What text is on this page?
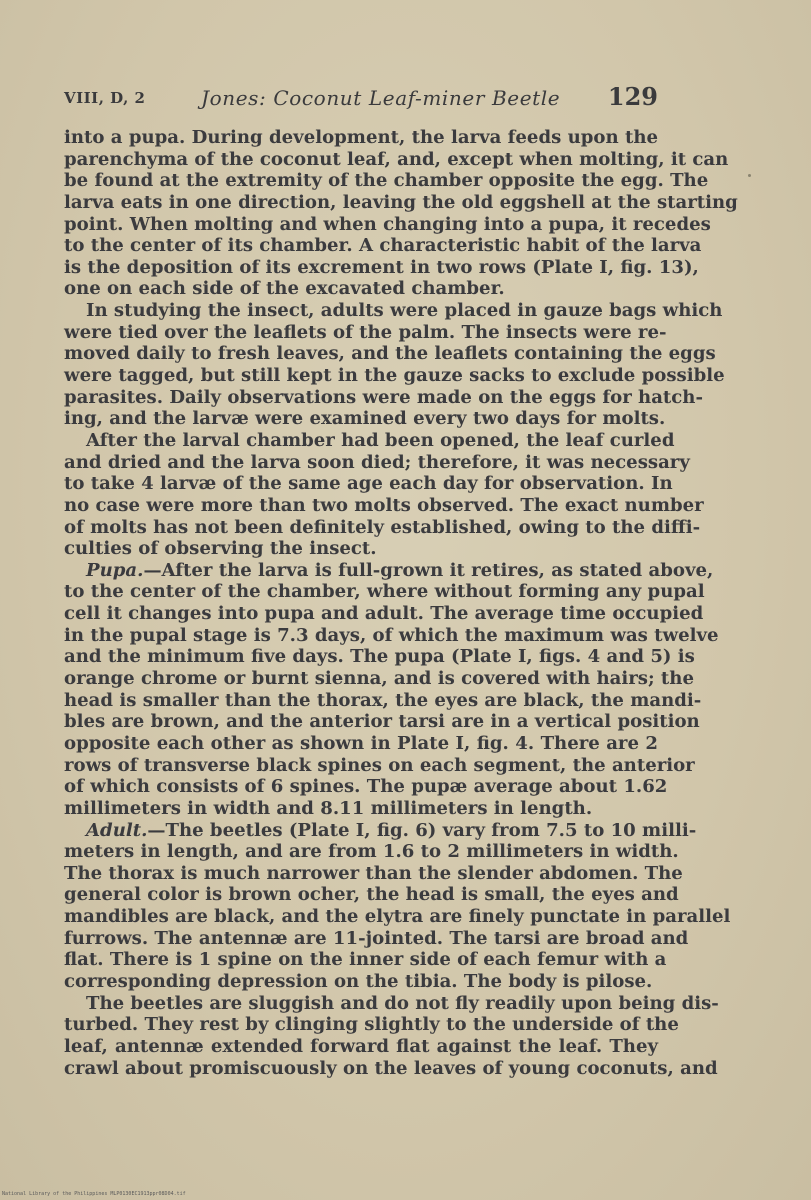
VIII, D, 2	Jones: Coconut Leaf-miner Beetle 129
into a pupa. During development, the larva feeds upon the
parenchyma of the coconut leaf, and, except when molting, it can
be found at the extremity of the chamber opposite the egg. The
larva eats in one direction, leaving the old eggshell at the starting
point. When molting and when changing into a pupa, it recedes
to the center of its chamber. A characteristic habit of the larva
is the deposition of its excrement in two rows (Plate I, fig. 13),
one on each side of the excavated chamber.
In studying the insect, adults were placed in gauze bags which
were tied over the leaflets of the palm. The insects were re-
moved daily to fresh leaves, and the leaflets containing the eggs
were tagged, but still kept in the gauze sacks to exclude possible
parasites. Daily observations were made on the eggs for hatch-
ing, and the larvæ were examined every two days for molts.
After the larval chamber had been opened, the leaf curled
and dried and the larva soon died; therefore, it was necessary
to take 4 larvæ of the same age each day for observation. In
no case were more than two molts observed. The exact number
of molts has not been definitely established, owing to the diffi-
culties of observing the insect.
Pupa.—After the larva is full-grown it retires, as stated above,
to the center of the chamber, where without forming any pupal
cell it changes into pupa and adult. The average time occupied
in the pupal stage is 7.3 days, of which the maximum was twelve
and the minimum five days. The pupa (Plate I, figs. 4 and 5) is
orange chrome or burnt sienna, and is covered with hairs; the
head is smaller than the thorax, the eyes are black, the mandi-
bles are brown, and the anterior tarsi are in a vertical position
opposite each other as shown in Plate I, fig. 4. There are 2
rows of transverse black spines on each segment, the anterior
of which consists of 6 spines. The pupæ average about 1.62
millimeters in width and 8.11 millimeters in length.
Adult.—The beetles (Plate I, fig. 6) vary from 7.5 to 10 milli-
meters in length, and are from 1.6 to 2 millimeters in width.
The thorax is much narrower than the slender abdomen. The
general color is brown ocher, the head is small, the eyes and
mandibles are black, and the elytra are finely punctate in parallel
furrows. The antennæ are 11-jointed. The tarsi are broad and
flat. There is 1 spine on the inner side of each femur with a
corresponding depression on the tibia. The body is pilose.
The beetles are sluggish and do not fly readily upon being dis-
turbed. They rest by clinging slightly to the underside of the
leaf, antennæ extended forward flat against the leaf. They
crawl about promiscuously on the leaves of young coconuts, and
National Library of the Philippines MLP0130EC1913ppr08D04.tif
